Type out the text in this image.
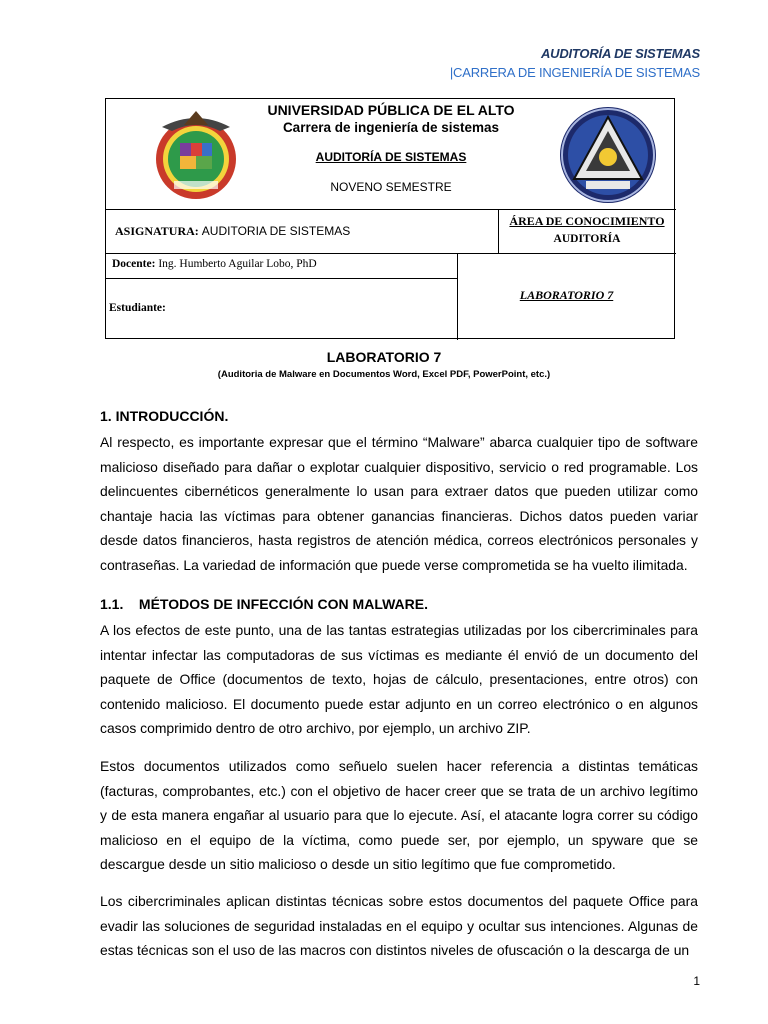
AUDITORÍA DE SISTEMAS
|CARRERA DE INGENIERÍA DE SISTEMAS
UNIVERSIDAD PÚBLICA DE EL ALTO
Carrera de ingeniería de sistemas
AUDITORÍA DE SISTEMAS
NOVENO SEMESTRE
ASIGNATURA: AUDITORIA DE SISTEMAS
ÁREA DE CONOCIMIENTO
AUDITORÍA
Docente: Ing. Humberto Aguilar Lobo, PhD
Estudiante:
LABORATORIO 7
LABORATORIO 7
(Auditoria de Malware en Documentos Word, Excel PDF, PowerPoint, etc.)
1. INTRODUCCIÓN.
Al respecto, es importante expresar que el término “Malware” abarca cualquier tipo de software malicioso diseñado para dañar o explotar cualquier dispositivo, servicio o red programable. Los delincuentes cibernéticos generalmente lo usan para extraer datos que pueden utilizar como chantaje hacia las víctimas para obtener ganancias financieras. Dichos datos pueden variar desde datos financieros, hasta registros de atención médica, correos electrónicos personales y contraseñas. La variedad de información que puede verse comprometida se ha vuelto ilimitada.
1.1.    MÉTODOS DE INFECCIÓN CON MALWARE.
A los efectos de este punto, una de las tantas estrategias utilizadas por los cibercriminales para intentar infectar las computadoras de sus víctimas es mediante él envió de un documento del paquete de Office (documentos de texto, hojas de cálculo, presentaciones, entre otros) con contenido malicioso. El documento puede estar adjunto en un correo electrónico o en algunos casos comprimido dentro de otro archivo, por ejemplo, un archivo ZIP.
Estos documentos utilizados como señuelo suelen hacer referencia a distintas temáticas (facturas, comprobantes, etc.) con el objetivo de hacer creer que se trata de un archivo legítimo y de esta manera engañar al usuario para que lo ejecute. Así, el atacante logra correr su código malicioso en el equipo de la víctima, como puede ser, por ejemplo, un spyware que se descargue desde un sitio malicioso o desde un sitio legítimo que fue comprometido.
Los cibercriminales aplican distintas técnicas sobre estos documentos del paquete Office para evadir las soluciones de seguridad instaladas en el equipo y ocultar sus intenciones. Algunas de estas técnicas son el uso de las macros con distintos niveles de ofuscación o la descarga de un
1
